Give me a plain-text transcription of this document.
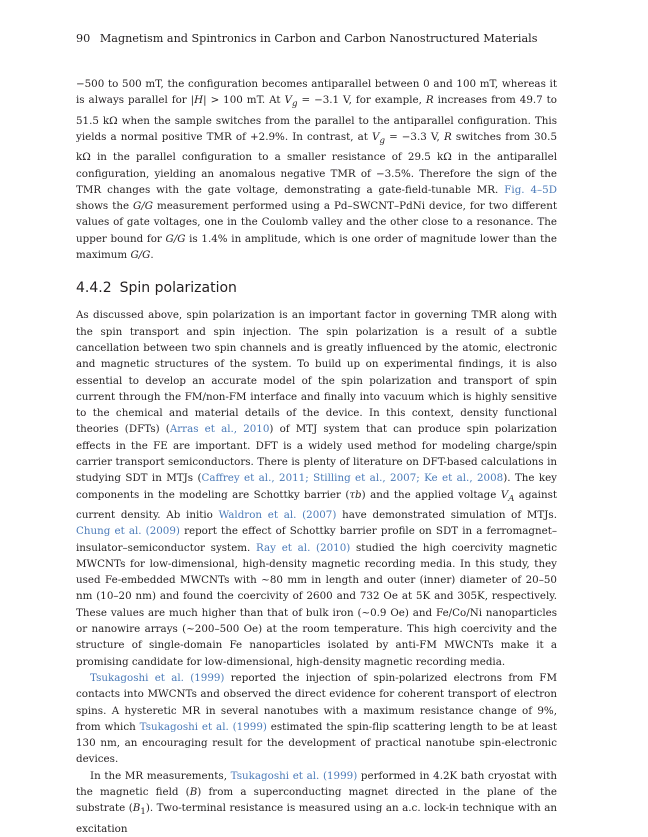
90 Magnetism and Spintronics in Carbon and Carbon Nanostructured Materials

−500 to 500 mT, the configuration becomes antiparallel between 0 and 100 mT, whereas it is always parallel for |H| > 100 mT. At $V_g = -3.1$ V, for example, R increases from 49.7 to 51.5 kΩ when the sample switches from the parallel to the antiparallel configuration. This yields a normal positive TMR of +2.9%. In contrast, at $V_g = -3.3$ V, R switches from 30.5 kΩ in the parallel configuration to a smaller resistance of 29.5 kΩ in the antiparallel configuration, yielding an anomalous negative TMR of −3.5%. Therefore the sign of the TMR changes with the gate voltage, demonstrating a gate-field-tunable MR. Fig. 4–5D shows the G/G measurement performed using a Pd–SWCNT–PdNi device, for two different values of gate voltages, one in the Coulomb valley and the other close to a resonance. The upper bound for G/G is 1.4% in amplitude, which is one order of magnitude lower than the maximum G/G.

4.4.2 Spin polarization

As discussed above, spin polarization is an important factor in governing TMR along with the spin transport and spin injection. The spin polarization is a result of a subtle cancellation between two spin channels and is greatly influenced by the atomic, electronic and magnetic structures of the system. To build up on experimental findings, it is also essential to develop an accurate model of the spin polarization and transport of spin current through the FM/non-FM interface and finally into vacuum which is highly sensitive to the chemical and material details of the device. In this context, density functional theories (DFTs) (Arras et al., 2010) of MTJ system that can produce spin polarization effects in the FE are important. DFT is a widely used method for modeling charge/spin carrier transport semiconductors. There is plenty of literature on DFT-based calculations in studying SDT in MTJs (Caffrey et al., 2011; Stilling et al., 2007; Ke et al., 2008). The key components in the modeling are Schottky barrier (τb) and the applied voltage $V_A$ against current density. Ab initio Waldron et al. (2007) have demonstrated simulation of MTJs. Chung et al. (2009) report the effect of Schottky barrier profile on SDT in a ferromagnet–insulator–semiconductor system. Ray et al. (2010) studied the high coercivity magnetic MWCNTs for low-dimensional, high-density magnetic recording media. In this study, they used Fe-embedded MWCNTs with ∼80 mm in length and outer (inner) diameter of 20–50 nm (10–20 nm) and found the coercivity of 2600 and 732 Oe at 5K and 305K, respectively. These values are much higher than that of bulk iron (∼0.9 Oe) and Fe/Co/Ni nanoparticles or nanowire arrays (∼200–500 Oe) at the room temperature. This high coercivity and the structure of single-domain Fe nanoparticles isolated by anti-FM MWCNTs make it a promising candidate for low-dimensional, high-density magnetic recording media.

Tsukagoshi et al. (1999) reported the injection of spin-polarized electrons from FM contacts into MWCNTs and observed the direct evidence for coherent transport of electron spins. A hysteretic MR in several nanotubes with a maximum resistance change of 9%, from which Tsukagoshi et al. (1999) estimated the spin-flip scattering length to be at least 130 nm, an encouraging result for the development of practical nanotube spin-electronic devices.

In the MR measurements, Tsukagoshi et al. (1999) performed in 4.2K bath cryostat with the magnetic field (B) from a superconducting magnet directed in the plane of the substrate $(B_1)$. Two-terminal resistance is measured using an a.c. lock-in technique with an excitation
